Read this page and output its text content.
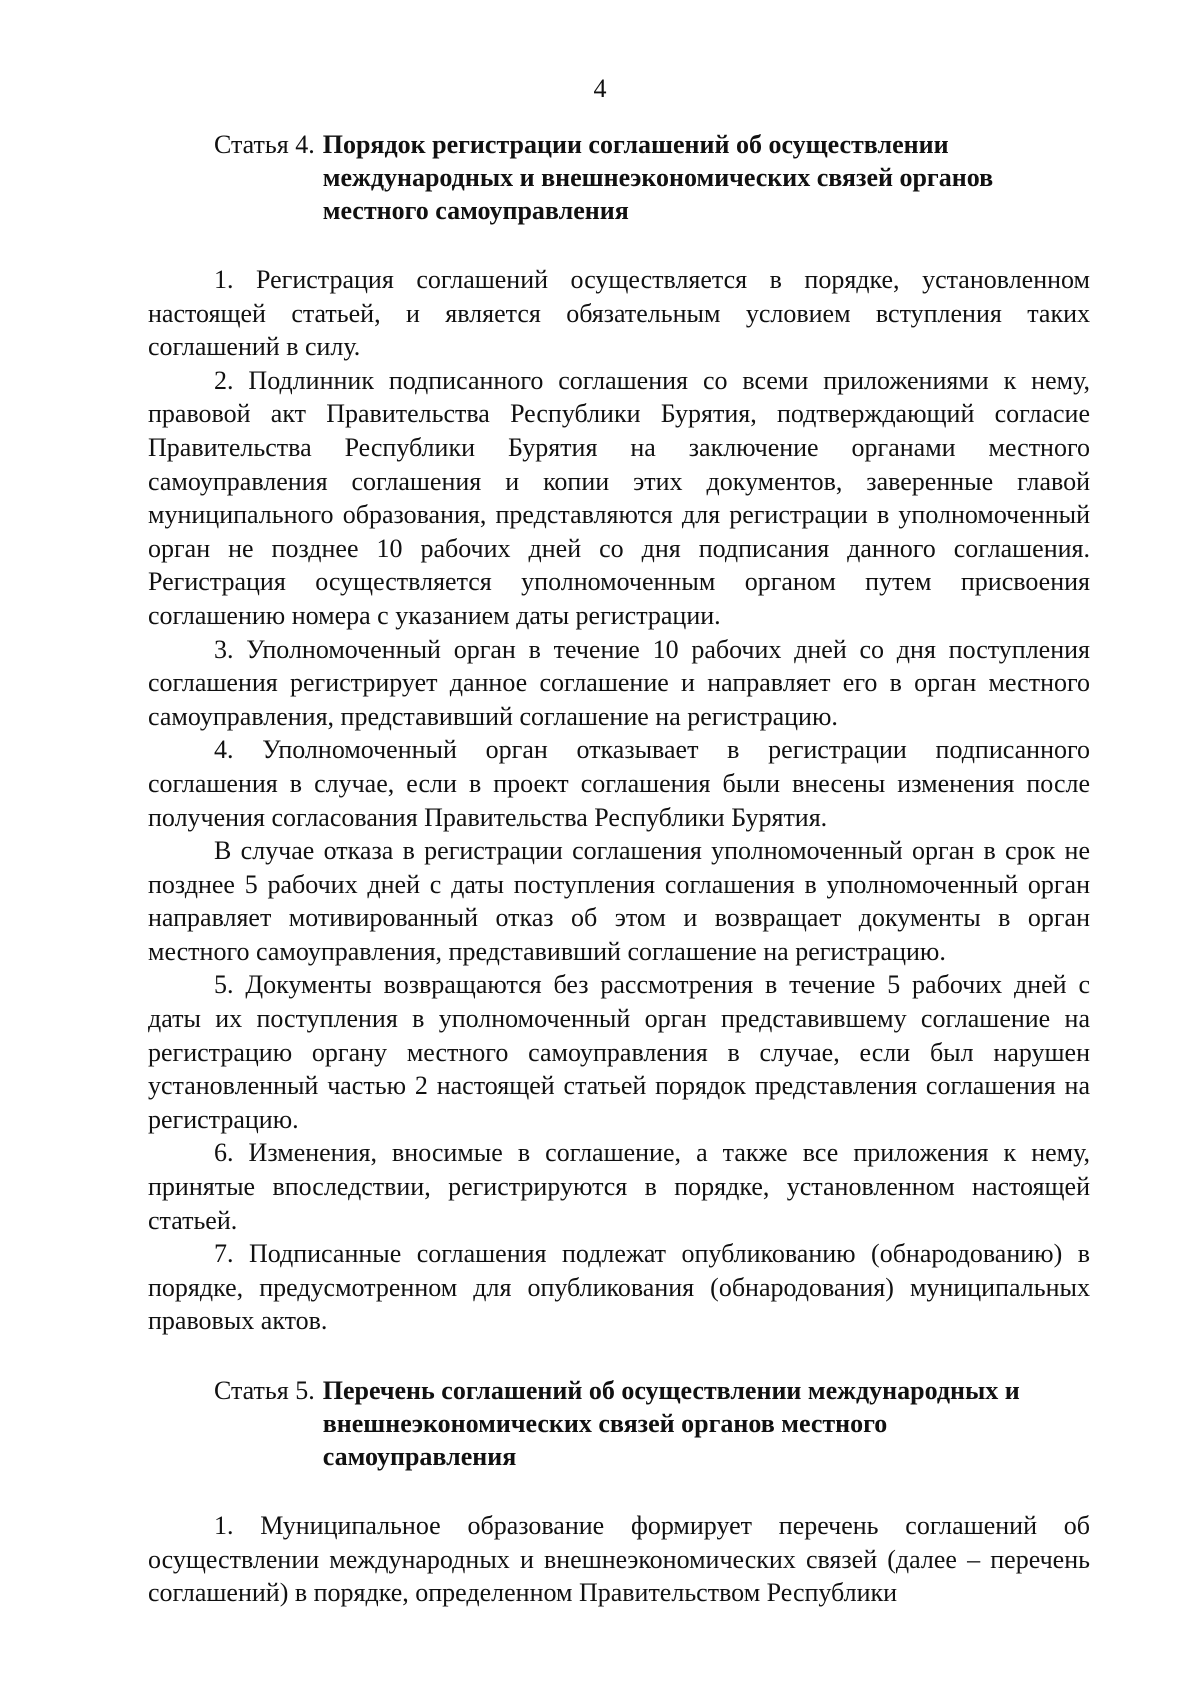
4
Статья 4. Порядок регистрации соглашений об осуществлении международных и внешнеэкономических связей органов местного самоуправления

1. Регистрация соглашений осуществляется в порядке, установленном настоящей статьей, и является обязательным условием вступления таких соглашений в силу.

2. Подлинник подписанного соглашения со всеми приложениями к нему, правовой акт Правительства Республики Бурятия, подтверждающий согласие Правительства Республики Бурятия на заключение органами местного самоуправления соглашения и копии этих документов, заверенные главой муниципального образования, представляются для регистрации в уполномоченный орган не позднее 10 рабочих дней со дня подписания данного соглашения. Регистрация осуществляется уполномоченным органом путем присвоения соглашению номера с указанием даты регистрации.

3. Уполномоченный орган в течение 10 рабочих дней со дня поступления соглашения регистрирует данное соглашение и направляет его в орган местного самоуправления, представивший соглашение на регистрацию.

4. Уполномоченный орган отказывает в регистрации подписанного соглашения в случае, если в проект соглашения были внесены изменения после получения согласования Правительства Республики Бурятия.

В случае отказа в регистрации соглашения уполномоченный орган в срок не позднее 5 рабочих дней с даты поступления соглашения в уполномоченный орган направляет мотивированный отказ об этом и возвращает документы в орган местного самоуправления, представивший соглашение на регистрацию.

5. Документы возвращаются без рассмотрения в течение 5 рабочих дней с даты их поступления в уполномоченный орган представившему соглашение на регистрацию органу местного самоуправления в случае, если был нарушен установленный частью 2 настоящей статьей порядок представления соглашения на регистрацию.

6. Изменения, вносимые в соглашение, а также все приложения к нему, принятые впоследствии, регистрируются в порядке, установленном настоящей статьей.

7. Подписанные соглашения подлежат опубликованию (обнародованию) в порядке, предусмотренном для опубликования (обнародования) муниципальных правовых актов.

Статья 5. Перечень соглашений об осуществлении международных и внешнеэкономических связей органов местного самоуправления

1. Муниципальное образование формирует перечень соглашений об осуществлении международных и внешнеэкономических связей (далее – перечень соглашений) в порядке, определенном Правительством Республики
